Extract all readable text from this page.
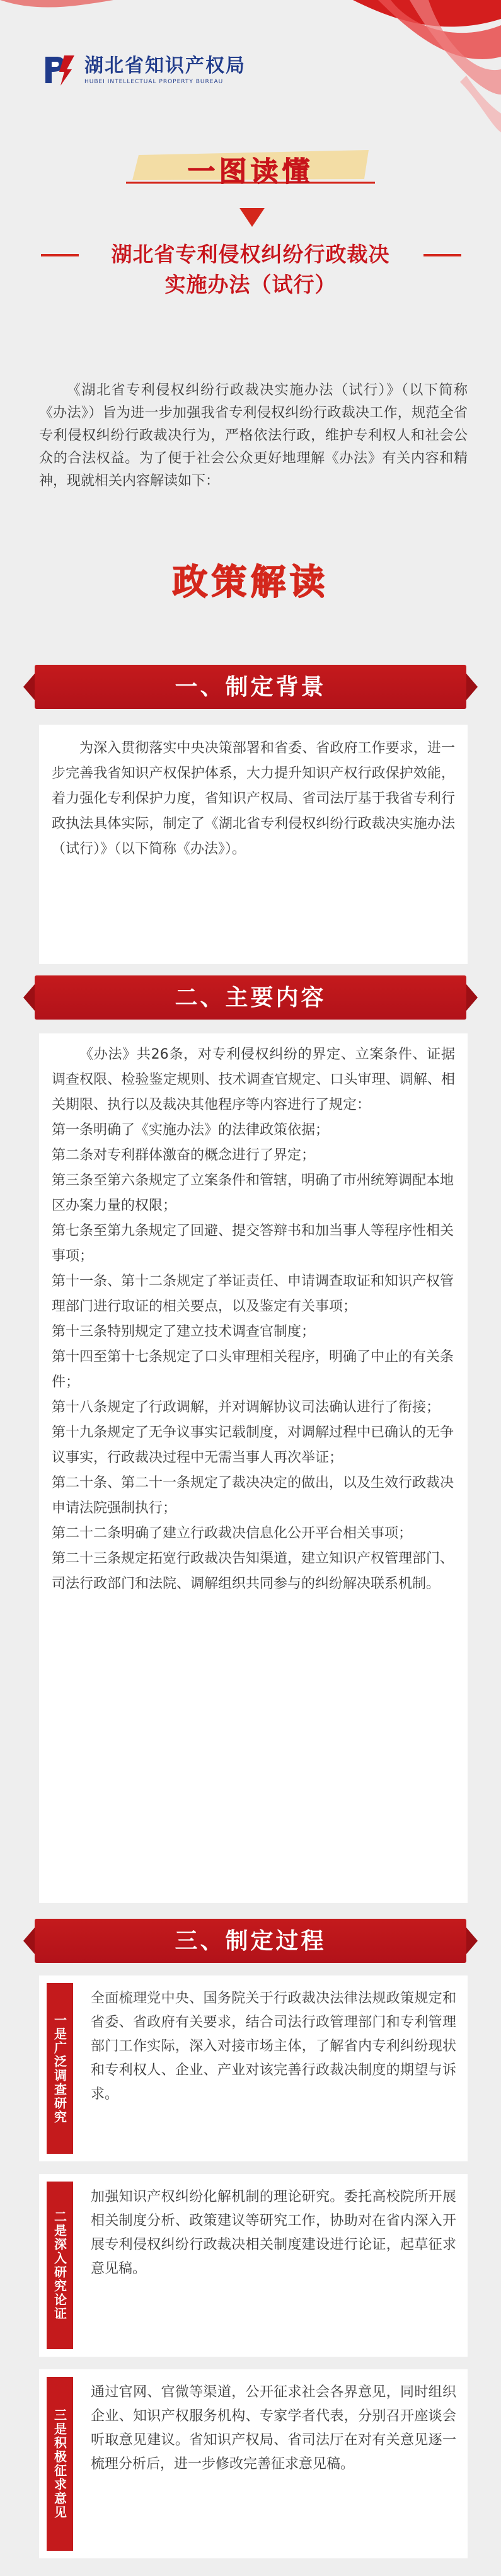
湖北省知识产权局
HUBEI INTELLECTUAL PROPERTY BUREAU
一图读懂
湖北省专利侵权纠纷行政裁决
实施办法（试行）
《湖北省专利侵权纠纷行政裁决实施办法（试行）》（以下简称《办法》）旨为进一步加强我省专利侵权纠纷行政裁决工作，规范全省专利侵权纠纷行政裁决行为，严格依法行政，维护专利权人和社会公众的合法权益。为了便于社会公众更好地理解《办法》有关内容和精神，现就相关内容解读如下：
政策解读
一、制定背景
为深入贯彻落实中央决策部署和省委、省政府工作要求，进一步完善我省知识产权保护体系，大力提升知识产权行政保护效能，着力强化专利保护力度，省知识产权局、省司法厅基于我省专利行政执法具体实际，制定了《湖北省专利侵权纠纷行政裁决实施办法（试行）》（以下简称《办法》）。
二、主要内容
《办法》共26条，对专利侵权纠纷的界定、立案条件、证据调查权限、检验鉴定规则、技术调查官规定、口头审理、调解、相关期限、执行以及裁决其他程序等内容进行了规定：
第一条明确了《实施办法》的法律政策依据；
第二条对专利群体激奋的概念进行了界定；
第三条至第六条规定了立案条件和管辖，明确了市州统筹调配本地区办案力量的权限；
第七条至第九条规定了回避、提交答辩书和加当事人等程序性相关事项；
第十一条、第十二条规定了举证责任、申请调查取证和知识产权管理部门进行取证的相关要点，以及鉴定有关事项；
第十三条特别规定了建立技术调查官制度；
第十四至第十七条规定了口头审理相关程序，明确了中止的有关条件；
第十八条规定了行政调解，并对调解协议司法确认进行了衔接；
第十九条规定了无争议事实记载制度，对调解过程中已确认的无争议事实，行政裁决过程中无需当事人再次举证；
第二十条、第二十一条规定了裁决决定的做出，以及生效行政裁决申请法院强制执行；
第二十二条明确了建立行政裁决信息化公开平台相关事项；
第二十三条规定拓宽行政裁决告知渠道，建立知识产权管理部门、司法行政部门和法院、调解组织共同参与的纠纷解决联系机制。
三、制定过程
一是广泛调查研究
全面梳理党中央、国务院关于行政裁决法律法规政策规定和省委、省政府有关要求，结合司法行政管理部门和专利管理部门工作实际，深入对接市场主体，了解省内专利纠纷现状和专利权人、企业、产业对该完善行政裁决制度的期望与诉求。
二是深入研究论证
加强知识产权纠纷化解机制的理论研究。委托高校院所开展相关制度分析、政策建议等研究工作，协助对在省内深入开展专利侵权纠纷行政裁决相关制度建设进行论证，起草征求意见稿。
三是积极征求意见
通过官网、官微等渠道，公开征求社会各界意见，同时组织企业、知识产权服务机构、专家学者代表，分别召开座谈会听取意见建议。省知识产权局、省司法厅在对有关意见逐一梳理分析后，进一步修改完善征求意见稿。
